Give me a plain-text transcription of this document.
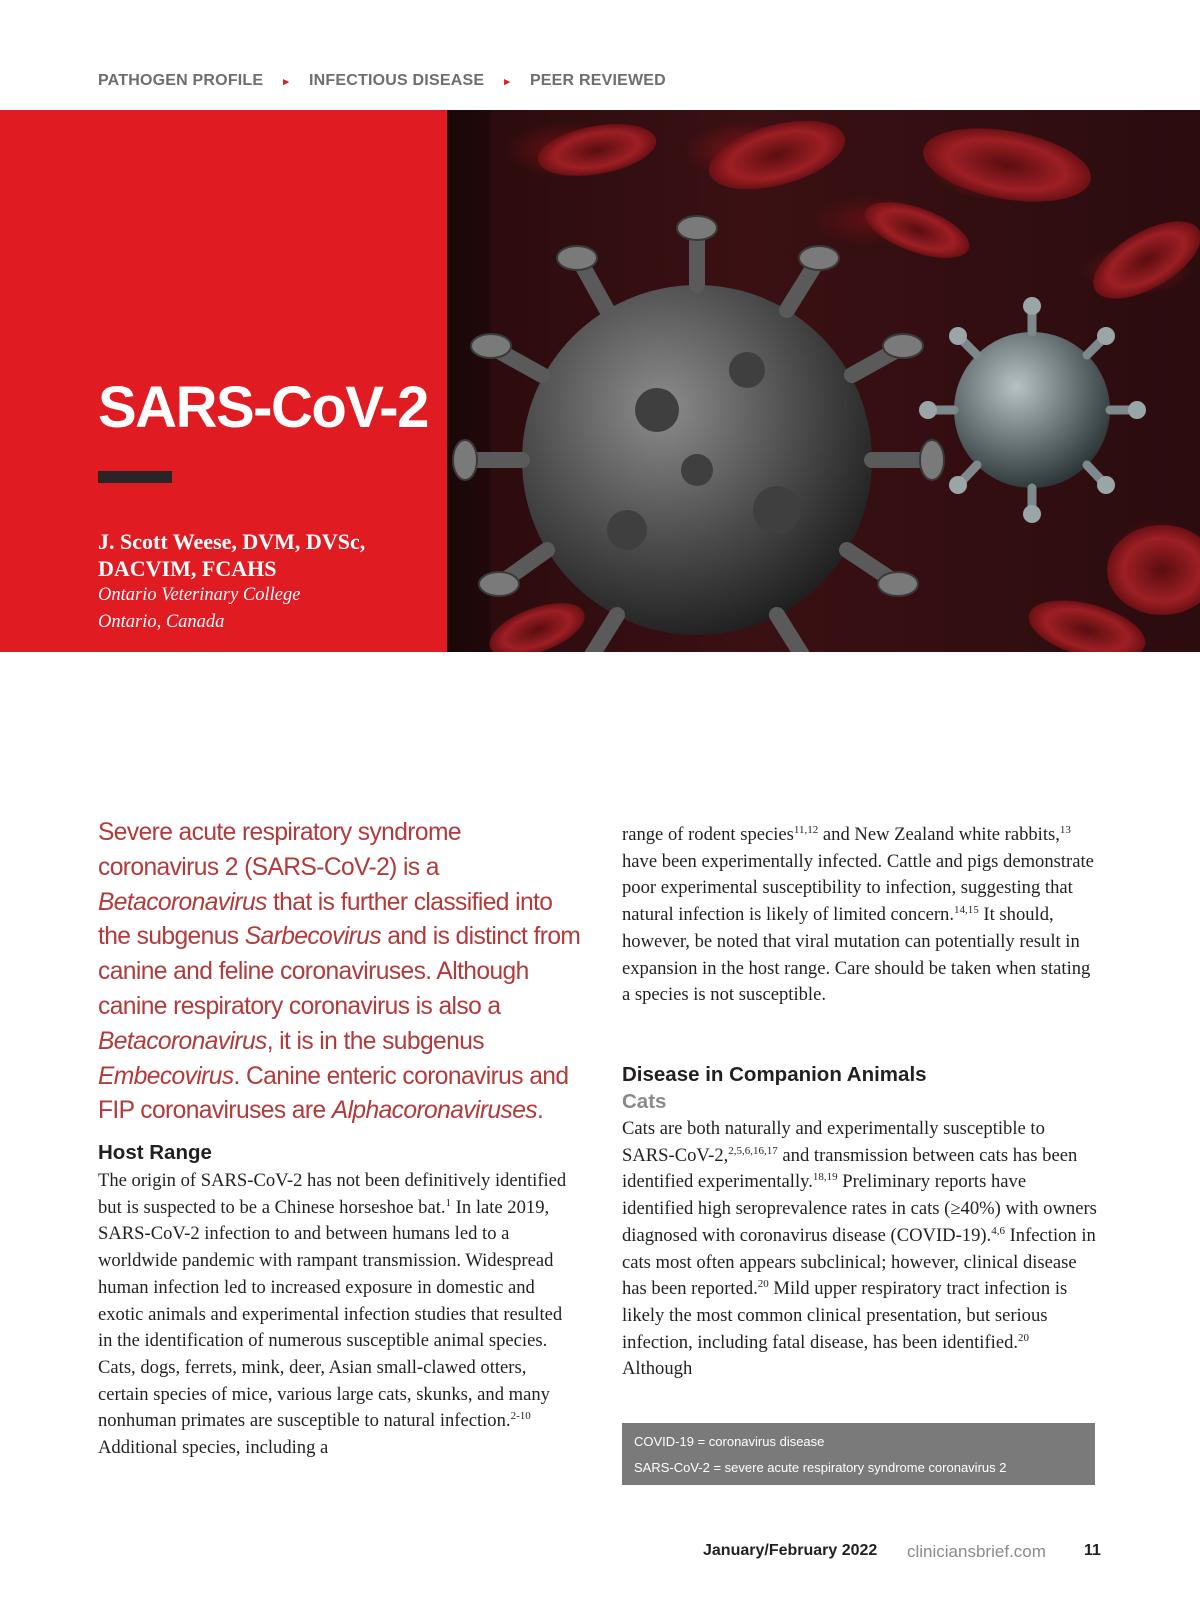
PATHOGEN PROFILE ▸ INFECTIOUS DISEASE ▸ PEER REVIEWED
SARS-CoV-2
J. Scott Weese, DVM, DVSc,
DACVIM, FCAHS
Ontario Veterinary College
Ontario, Canada

Severe acute respiratory syndrome coronavirus 2 (SARS-CoV-2) is a Betacoronavirus that is further classified into the subgenus Sarbecovirus and is distinct from canine and feline coronaviruses. Although canine respiratory coronavirus is also a Betacoronavirus, it is in the subgenus Embecovirus. Canine enteric coronavirus and FIP coronaviruses are Alphacoronaviruses.

Host Range

The origin of SARS-CoV-2 has not been definitively identified but is suspected to be a Chinese horseshoe bat.$^1$ In late 2019, SARS-CoV-2 infection to and between humans led to a worldwide pandemic with rampant transmission. Widespread human infection led to increased exposure in domestic and exotic animals and experimental infection studies that resulted in the identification of numerous susceptible animal species. Cats, dogs, ferrets, mink, deer, Asian small-clawed otters, certain species of mice, various large cats, skunks, and many nonhuman primates are susceptible to natural infection.$^{2-10}$ Additional species, including a

range of rodent species$^{11,12}$ and New Zealand white rabbits,$^{13}$ have been experimentally infected. Cattle and pigs demonstrate poor experimental susceptibility to infection, suggesting that natural infection is likely of limited concern.$^{14,15}$ It should, however, be noted that viral mutation can potentially result in expansion in the host range. Care should be taken when stating a species is not susceptible.

Disease in Companion Animals
Cats

Cats are both naturally and experimentally susceptible to SARS-CoV-2,$^{2,5,6,16,17}$ and transmission between cats has been identified experimentally.$^{18,19}$ Preliminary reports have identified high seroprevalence rates in cats (≥40%) with owners diagnosed with coronavirus disease (COVID-19).$^{4,6}$ Infection in cats most often appears subclinical; however, clinical disease has been reported.$^{20}$ Mild upper respiratory tract infection is likely the most common clinical presentation, but serious infection, including fatal disease, has been identified.$^{20}$ Although

COVID-19 = coronavirus disease
SARS-CoV-2 = severe acute respiratory syndrome coronavirus 2
January/February 2022 cliniciansbrief.com 11
